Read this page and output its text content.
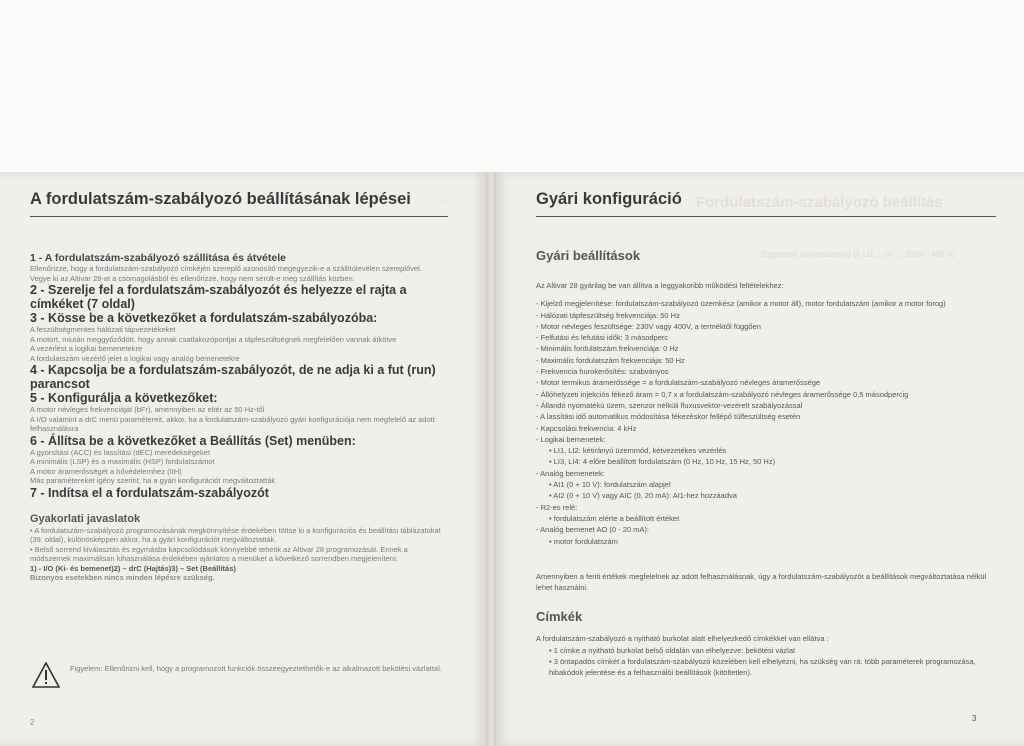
A fordulatszám-szabályozó beállításának lépései ·
1 - A fordulatszám-szabályozó szállítása és átvétele
Ellenőrizze, hogy a fordulatszám-szabályozó címkéjén szereplő azonosító megegyezik-e a szállítólevélen szereplővel.
Vegye ki az Altivar 28-at a csomagolásból és ellenőrizze, hogy nem sérült-e meg szállítás közben.
2 - Szerelje fel a fordulatszám-szabályozót és helyezze el rajta a címkéket (7 oldal)
3 - Kösse be a következőket a fordulatszám-szabályozóba:
A feszültségmentes hálózati tápvezetékeket
A motort, miután meggyőződött, hogy annak csatlakozópontjai a tápfeszültségnek megfelelően vannak átkötve
A vezérlést a logikai bemenetekre
A fordulatszám vezérlő jelet a logikai vagy analóg bemenetekre
4 - Kapcsolja be a fordulatszám-szabályozót, de ne adja ki a fut (run) parancsot
5 - Konfigurálja a következőket:
A motor névleges frekvenciáját (bFr), amennyiben az eltér az 50 Hz-től
A I/O valamint a drC menü paramétereit, akkor, ha a fordulatszám-szabályozó gyári konfigurációja nem megfelelő az adott felhasználásra
6 - Állítsa be a következőket a Beállítás (Set) menüben:
A gyorsítási (ACC) és lassítási (dEC) meredekségeket
A minimális (LSP) és a maximális (HSP) fordulatszámot
A motor áramerősségét a hővédelemhez (ItH)
Más paramétereket igény szerint, ha a gyári konfigurációt megváltoztatták
7 - Indítsa el a fordulatszám-szabályozót
Gyakorlati javaslatok
• A fordulatszám-szabályozó programozásának megkönnyítése érdekében töltse ki a konfigurációs és beállítási táblázatokat (39. oldal), különösképpen akkor, ha a gyári konfigurációt megváltoztatták.
• Belső sorrend kiválasztás és egymásba kapcsolódások könnyebbé tehetik az Altivar 28 programozását. Ennek a módszernek maximálisan kihasználása érdekében ajánlatos a menüket a következő sorrendben megjeleníteni:
1) - I/O (Ki- és bemenet)2) – drC (Hajtás)3) – Set (Beállítás)
Bizonyos esetekben nincs minden lépésre szükség.
Figyelem: Ellenőrizni kell, hogy a programozott funkciók összeegyeztethetők-e az alkalmazott bekötési vázlattal.
2
Fordulatszám-szabályozó beállítás
Egyszerű tápfeszültség (0 LI1 ... 0V ... 230V / 400 V)
Gyári konfiguráció
Gyári beállítások
Az Altivar 28 gyárilag be van állítva a leggyakoribb működési feltételekhez:
- Kijelző megjelenítése: fordulatszám-szabályozó üzemkész (amikor a motor áll), motor fordulatszám (amikor a motor forog)
- Hálózati tápfeszültség frekvenciája: 50 Hz
- Motor névleges feszültsége: 230V vagy 400V, a terméktől függően
- Felfutási és lefutási idők: 3 másodperc
- Minimális fordulatszám frekvenciája: 0 Hz
- Maximális fordulatszám frekvenciája: 50 Hz
- Frekvencia hurokerősítés: szabványos
- Motor termikus áramerőssége = a fordulatszám-szabályozó névleges áramerőssége
- Állóhelyzeti injekciós fékező áram = 0,7 x a fordulatszám-szabályozó névleges áramerőssége 0,5 másodpercig
- Állandó nyomatékú üzem, szenzor nélküli fluxusvektor-vezérelt szabályozással
- A lassítási idő automatikus módosítása fékezéskor fellépő túlfeszültség esetén
- Kapcsolási frekvencia: 4 kHz
- Logikai bemenetek:
• LI1, LI2: kétirányú üzemmód, kétvezetékes vezérlés
• LI3, LI4: 4 előre beállított fordulatszám (0 Hz, 10 Hz, 15 Hz, 50 Hz)
- Analóg bemenetek:
• AI1 (0 + 10 V): fordulatszám alapjel
• AI2 (0 + 10 V) vagy AIC (0, 20 mA): AI1-hez hozzáadva
- R2-es relé:
• fordulatszám elérte a beállított értéket
- Analóg bemenet AO (0 - 20 mA):
• motor fordulatszám
Amennyiben a fenti értékek megfelelnek az adott felhasználásnak, úgy a fordulatszám-szabályozót a beállítások megváltoztatása nélkül lehet használni.
Címkék
A fordulatszám-szabályozó a nyitható burkolat alatt elhelyezkedő címkékkel van ellátva :
• 1 címke a nyitható burkolat belső oldalán van elhelyezve: bekötési vázlat
• 3 öntapadós címkét a fordulatszám-szabályozó közelében kell elhelyezni, ha szükség van rá: több paraméterek programozása, hibakódok jelentése és a felhasználói beállítások (kitöltetlen).
3
